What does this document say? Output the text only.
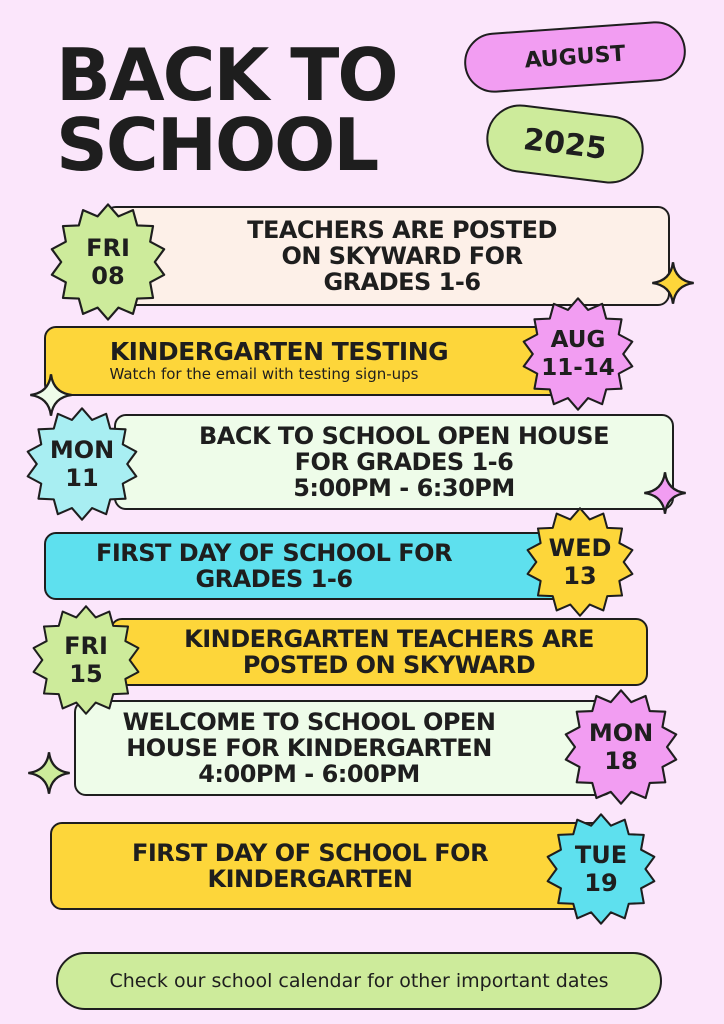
BACK TO
SCHOOL
AUGUST
2025
TEACHERS ARE POSTED
ON SKYWARD FOR
GRADES 1-6
KINDERGARTEN TESTING
Watch for the email with testing sign-ups
BACK TO SCHOOL OPEN HOUSE
FOR GRADES 1-6
5:00PM - 6:30PM
FIRST DAY OF SCHOOL FOR
GRADES 1-6
KINDERGARTEN TEACHERS ARE
POSTED ON SKYWARD
WELCOME TO SCHOOL OPEN
HOUSE FOR KINDERGARTEN
4:00PM - 6:00PM
FIRST DAY OF SCHOOL FOR
KINDERGARTEN
FRI
08
AUG
11-14
MON
11
WED
13
FRI
15
MON
18
TUE
19
Check our school calendar for other important dates
